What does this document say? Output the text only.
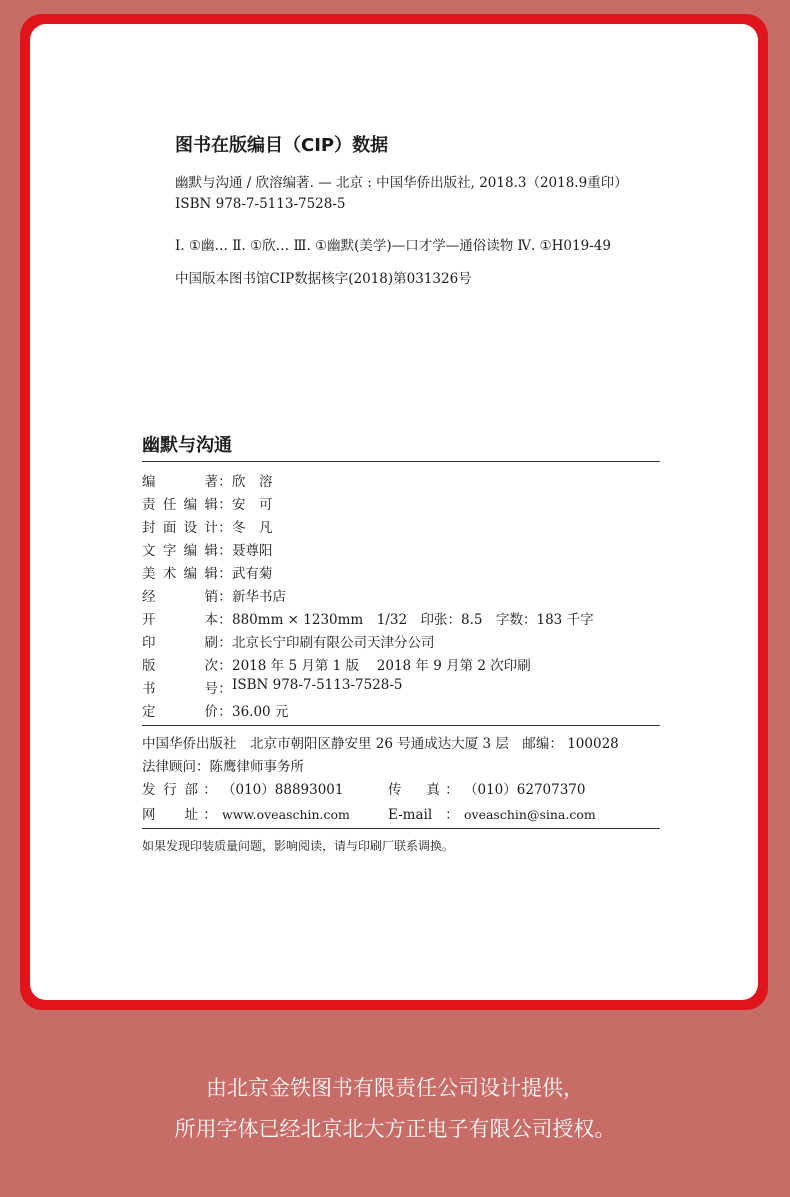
图书在版编目（CIP）数据
幽默与沟通 / 欣溶编著. — 北京 : 中国华侨出版社, 2018.3（2018.9重印）
ISBN 978-7-5113-7528-5
Ⅰ. ①幽… Ⅱ. ①欣… Ⅲ. ①幽默(美学)—口才学—通俗读物 Ⅳ. ①H019-49
中国版本图书馆CIP数据核字(2018)第031326号
幽默与沟通
编著 ： 欣　溶
责任编辑 ： 安　可
封面设计 ： 冬　凡
文字编辑 ： 聂尊阳
美术编辑 ： 武有菊
经销 ： 新华书店
开本 ： 880mm × 1230mm　1/32　印张：8.5　字数：183 千字
印刷 ： 北京长宁印刷有限公司天津分公司
版次 ： 2018 年 5 月第 1 版　 2018 年 9 月第 2 次印刷
书号 ： ISBN 978-7-5113-7528-5
定价 ： 36.00 元
中国华侨出版社　北京市朝阳区静安里 26 号通成达大厦 3 层　邮编： 100028
法律顾问 ： 陈鹰律师事务所
发行部 ： （010）88893001	传真 ： （010）62707370
网址 ： www.oveaschin.com	E-mail ： oveaschin@sina.com
如果发现印装质量问题，影响阅读，请与印刷厂联系调换。
由北京金铁图书有限责任公司设计提供，
所用字体已经北京北大方正电子有限公司授权。
